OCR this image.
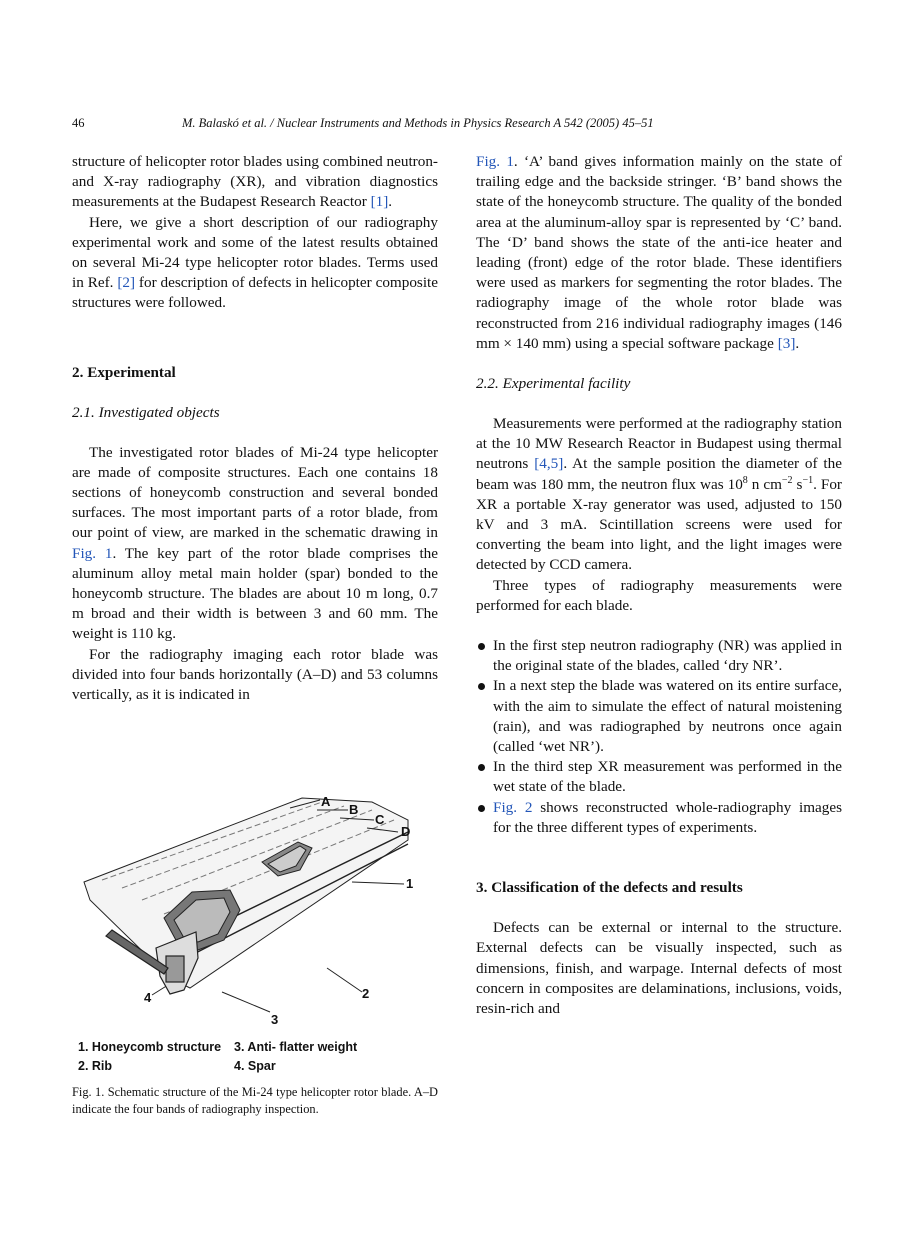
46	M. Balaskó et al. / Nuclear Instruments and Methods in Physics Research A 542 (2005) 45–51

structure of helicopter rotor blades using combined neutron- and X-ray radiography (XR), and vibration diagnostics measurements at the Budapest Research Reactor [1].

Here, we give a short description of our radiography experimental work and some of the latest results obtained on several Mi-24 type helicopter rotor blades. Terms used in Ref. [2] for description of defects in helicopter composite structures were followed.

2. Experimental
2.1. Investigated objects

The investigated rotor blades of Mi-24 type helicopter are made of composite structures. Each one contains 18 sections of honeycomb construction and several bonded surfaces. The most important parts of a rotor blade, from our point of view, are marked in the schematic drawing in Fig. 1. The key part of the rotor blade comprises the aluminum alloy metal main holder (spar) bonded to the honeycomb structure. The blades are about 10 m long, 0.7 m broad and their width is between 3 and 60 mm. The weight is 110 kg.

For the radiography imaging each rotor blade was divided into four bands horizontally (A–D) and 53 columns vertically, as it is indicated in

A
B
C
D
1
2
3
4
1. Honeycomb structure 3. Anti- flatter weight
2. Rib	4. Spar
Fig. 1. Schematic structure of the Mi-24 type helicopter rotor blade. A–D indicate the four bands of radiography inspection.

Fig. 1. ‘A’ band gives information mainly on the state of trailing edge and the backside stringer. ‘B’ band shows the state of the honeycomb structure. The quality of the bonded area at the aluminum-alloy spar is represented by ‘C’ band. The ‘D’ band shows the state of the anti-ice heater and leading (front) edge of the rotor blade. These identifiers were used as markers for segmenting the rotor blades. The radiography image of the whole rotor blade was reconstructed from 216 individual radiography images (146 mm × 140 mm) using a special software package [3].

2.2. Experimental facility

Measurements were performed at the radiography station at the 10 MW Research Reactor in Budapest using thermal neutrons [4,5]. At the sample position the diameter of the beam was 180 mm, the neutron flux was $10^8$ n $cm^{-2}$ $s^{-1}$. For XR a portable X-ray generator was used, adjusted to 150 kV and 3 mA. Scintillation screens were used for converting the beam into light, and the light images were detected by CCD camera.

Three types of radiography measurements were performed for each blade.

In the first step neutron radiography (NR) was applied in the original state of the blades, called ‘dry NR’.
In a next step the blade was watered on its entire surface, with the aim to simulate the effect of natural moistening (rain), and was radiographed by neutrons once again (called ‘wet NR’).
In the third step XR measurement was performed in the wet state of the blade.
Fig. 2 shows reconstructed whole-radiography images for the three different types of experiments.
3. Classification of the defects and results

Defects can be external or internal to the structure. External defects can be visually inspected, such as dimensions, finish, and warpage. Internal defects of most concern in composites are delaminations, inclusions, voids, resin-rich and
